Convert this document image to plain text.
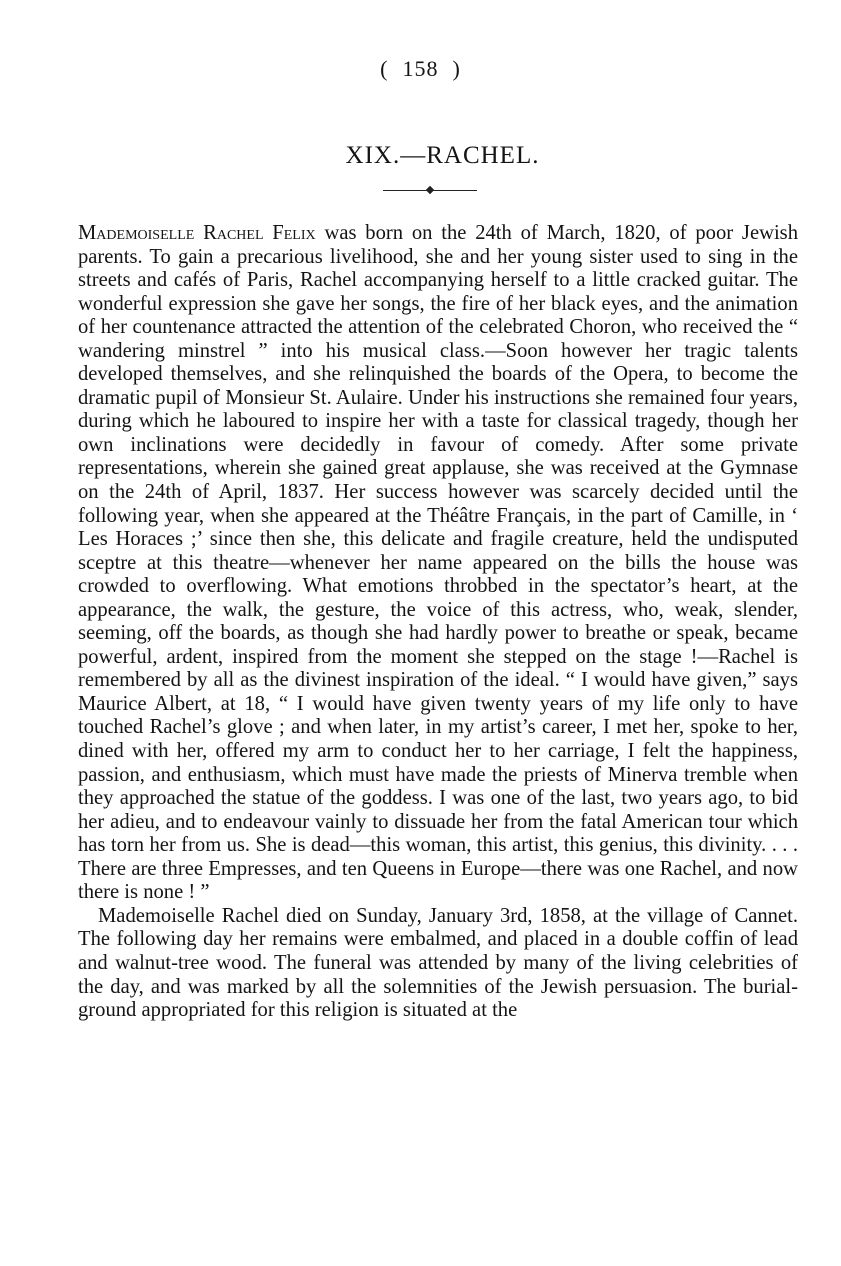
( 158 )
XIX.—RACHEL.

Mademoiselle Rachel Felix was born on the 24th of March, 1820, of poor Jewish parents. To gain a precarious livelihood, she and her young sister used to sing in the streets and cafés of Paris, Rachel accompanying herself to a little cracked guitar. The wonderful expression she gave her songs, the fire of her black eyes, and the animation of her countenance attracted the attention of the celebrated Choron, who received the “ wandering minstrel ” into his musical class.—Soon however her tragic talents developed themselves, and she relinquished the boards of the Opera, to become the dramatic pupil of Monsieur St. Aulaire. Under his instructions she remained four years, during which he laboured to inspire her with a taste for classical tragedy, though her own inclinations were decidedly in favour of comedy. After some private representations, wherein she gained great applause, she was received at the Gymnase on the 24th of April, 1837. Her success however was scarcely decided until the following year, when she appeared at the Théâtre Français, in the part of Camille, in ‘ Les Horaces ;’ since then she, this delicate and fragile creature, held the undisputed sceptre at this theatre—whenever her name appeared on the bills the house was crowded to overflowing. What emotions throbbed in the spectator’s heart, at the appearance, the walk, the gesture, the voice of this actress, who, weak, slender, seeming, off the boards, as though she had hardly power to breathe or speak, became powerful, ardent, inspired from the moment she stepped on the stage !—Rachel is remembered by all as the divinest inspiration of the ideal. “ I would have given,” says Maurice Albert, at 18, “ I would have given twenty years of my life only to have touched Rachel’s glove ; and when later, in my artist’s career, I met her, spoke to her, dined with her, offered my arm to conduct her to her carriage, I felt the happiness, passion, and enthusiasm, which must have made the priests of Minerva tremble when they approached the statue of the goddess. I was one of the last, two years ago, to bid her adieu, and to endeavour vainly to dissuade her from the fatal American tour which has torn her from us. She is dead—this woman, this artist, this genius, this divinity. . . . There are three Empresses, and ten Queens in Europe—there was one Rachel, and now there is none ! ”

Mademoiselle Rachel died on Sunday, January 3rd, 1858, at the village of Cannet. The following day her remains were embalmed, and placed in a double coffin of lead and walnut-tree wood. The funeral was attended by many of the living celebrities of the day, and was marked by all the solemnities of the Jewish persuasion. The burial-ground appropriated for this religion is situated at the
